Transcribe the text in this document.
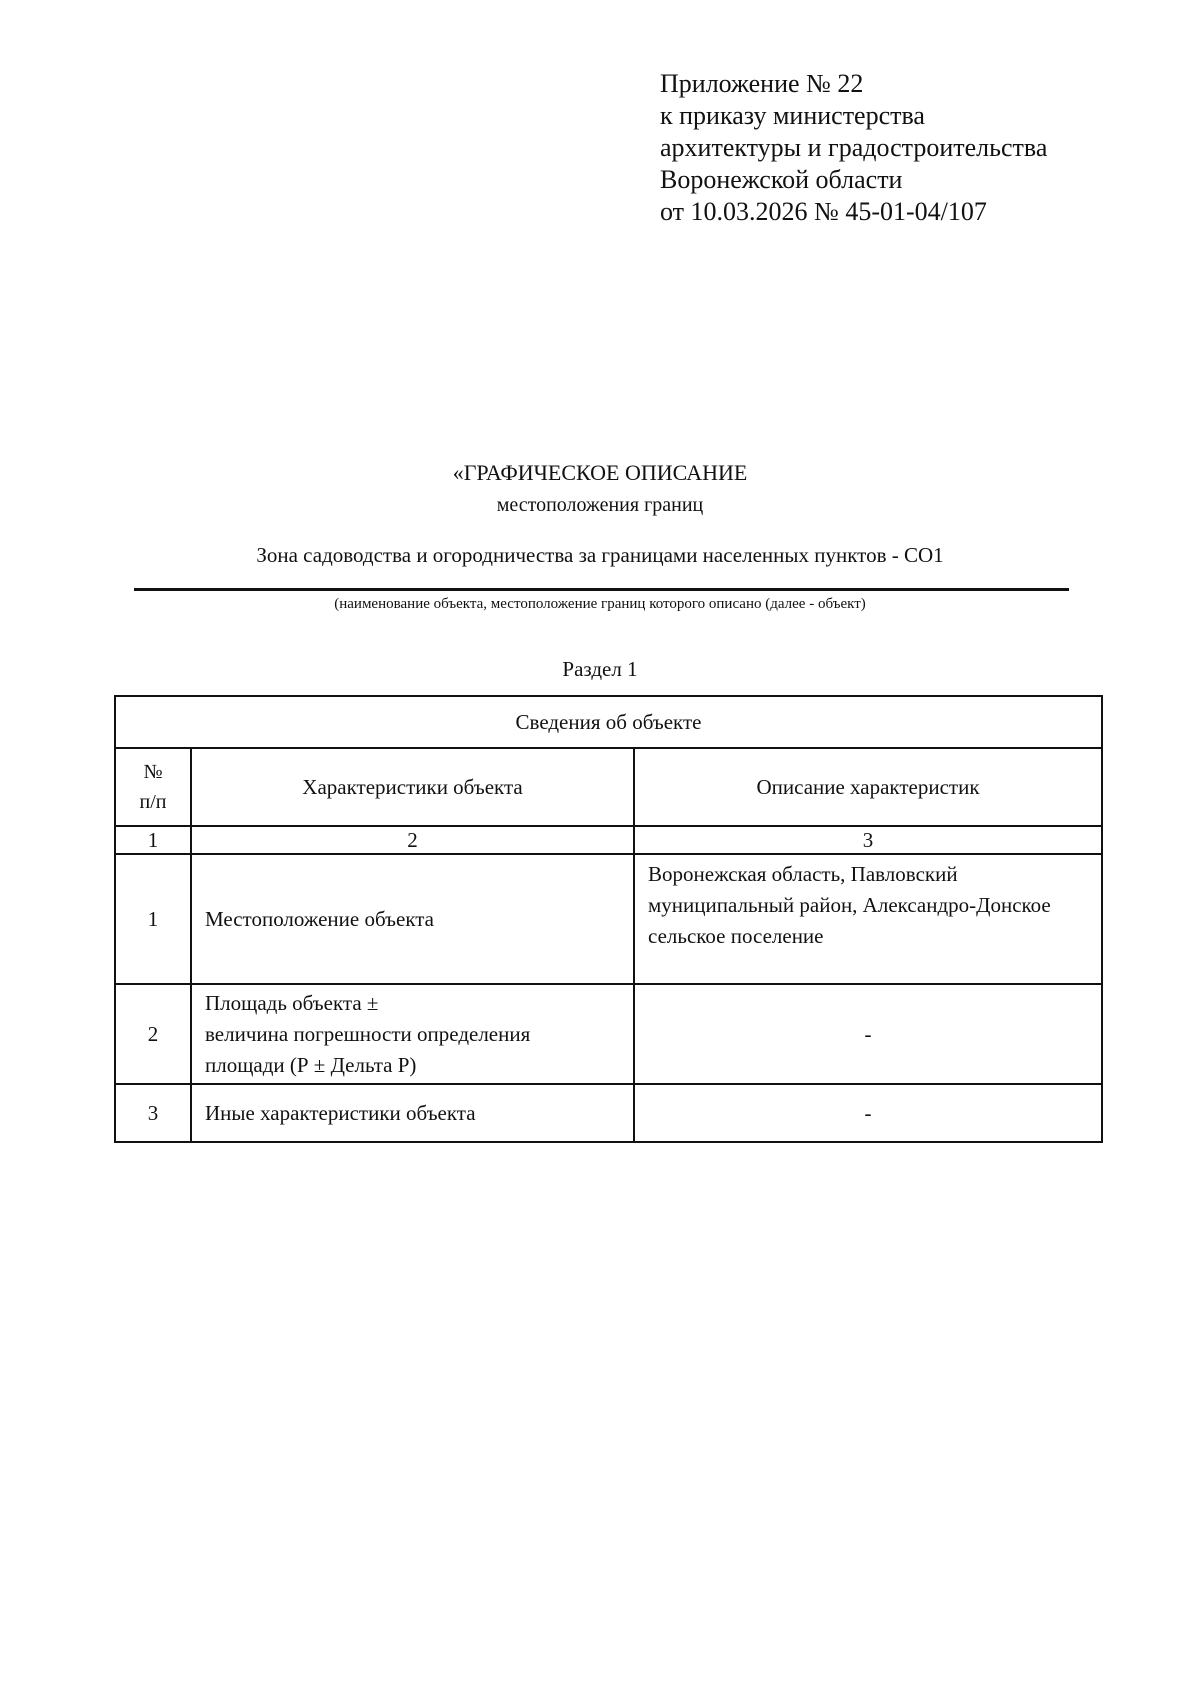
Приложение № 22
к приказу министерства
архитектуры и градостроительства
Воронежской области
от 10.03.2026 № 45-01-04/107
«ГРАФИЧЕСКОЕ ОПИСАНИЕ
местоположения границ
Зона садоводства и огородничества за границами населенных пунктов - СО1
(наименование объекта, местоположение границ которого описано (далее - объект)
Раздел 1
Сведения об объекте		

№
п/п	Характеристики объекта	Описание характеристик
1	2	3
1	Местоположение объекта	Воронежская область, Павловский муниципальный район, Александро-Донское сельское поселение
2	Площадь объекта ±
величина погрешности определения
площади (Р ± Дельта Р)	-
3	Иные характеристики объекта	-
